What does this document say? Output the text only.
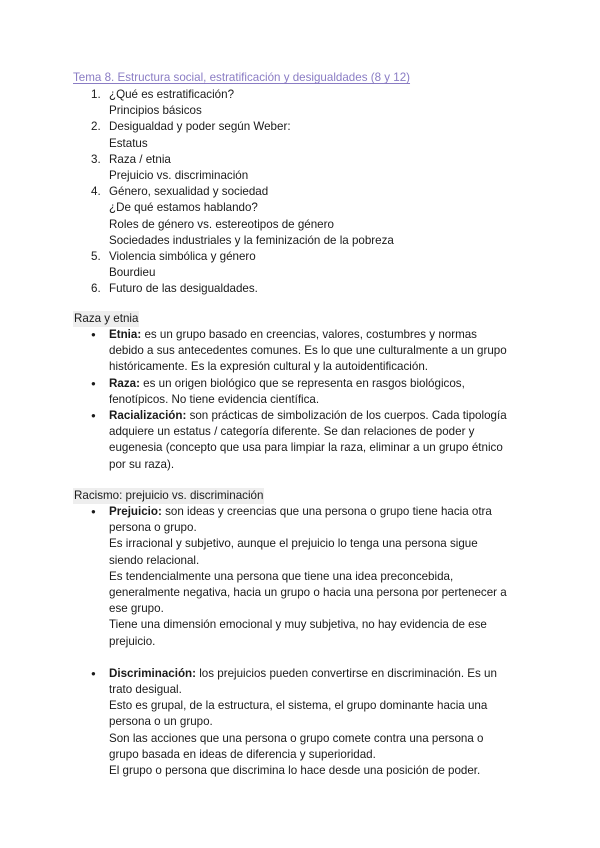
Tema 8. Estructura social, estratificación y desigualdades (8 y 12)
1. ¿Qué es estratificación?
Principios básicos
2. Desigualdad y poder según Weber:
Estatus
3. Raza / etnia
Prejuicio vs. discriminación
4. Género, sexualidad y sociedad
¿De qué estamos hablando?
Roles de género vs. estereotipos de género
Sociedades industriales y la feminización de la pobreza
5. Violencia simbólica y género
Bourdieu
6. Futuro de las desigualdades.
Raza y etnia
● Etnia: es un grupo basado en creencias, valores, costumbres y normas
debido a sus antecedentes comunes. Es lo que une culturalmente a un grupo
históricamente. Es la expresión cultural y la autoidentificación.
● Raza: es un origen biológico que se representa en rasgos biológicos,
fenotípicos. No tiene evidencia científica.
● Racialización: son prácticas de simbolización de los cuerpos. Cada tipología
adquiere un estatus / categoría diferente. Se dan relaciones de poder y
eugenesia (concepto que usa para limpiar la raza, eliminar a un grupo étnico
por su raza).
Racismo: prejuicio vs. discriminación
● Prejuicio: son ideas y creencias que una persona o grupo tiene hacia otra
persona o grupo.
Es irracional y subjetivo, aunque el prejuicio lo tenga una persona sigue
siendo relacional.
Es tendencialmente una persona que tiene una idea preconcebida,
generalmente negativa, hacia un grupo o hacia una persona por pertenecer a
ese grupo.
Tiene una dimensión emocional y muy subjetiva, no hay evidencia de ese
prejuicio.
● Discriminación: los prejuicios pueden convertirse en discriminación. Es un
trato desigual.
Esto es grupal, de la estructura, el sistema, el grupo dominante hacia una
persona o un grupo.
Son las acciones que una persona o grupo comete contra una persona o
grupo basada en ideas de diferencia y superioridad.
El grupo o persona que discrimina lo hace desde una posición de poder.
